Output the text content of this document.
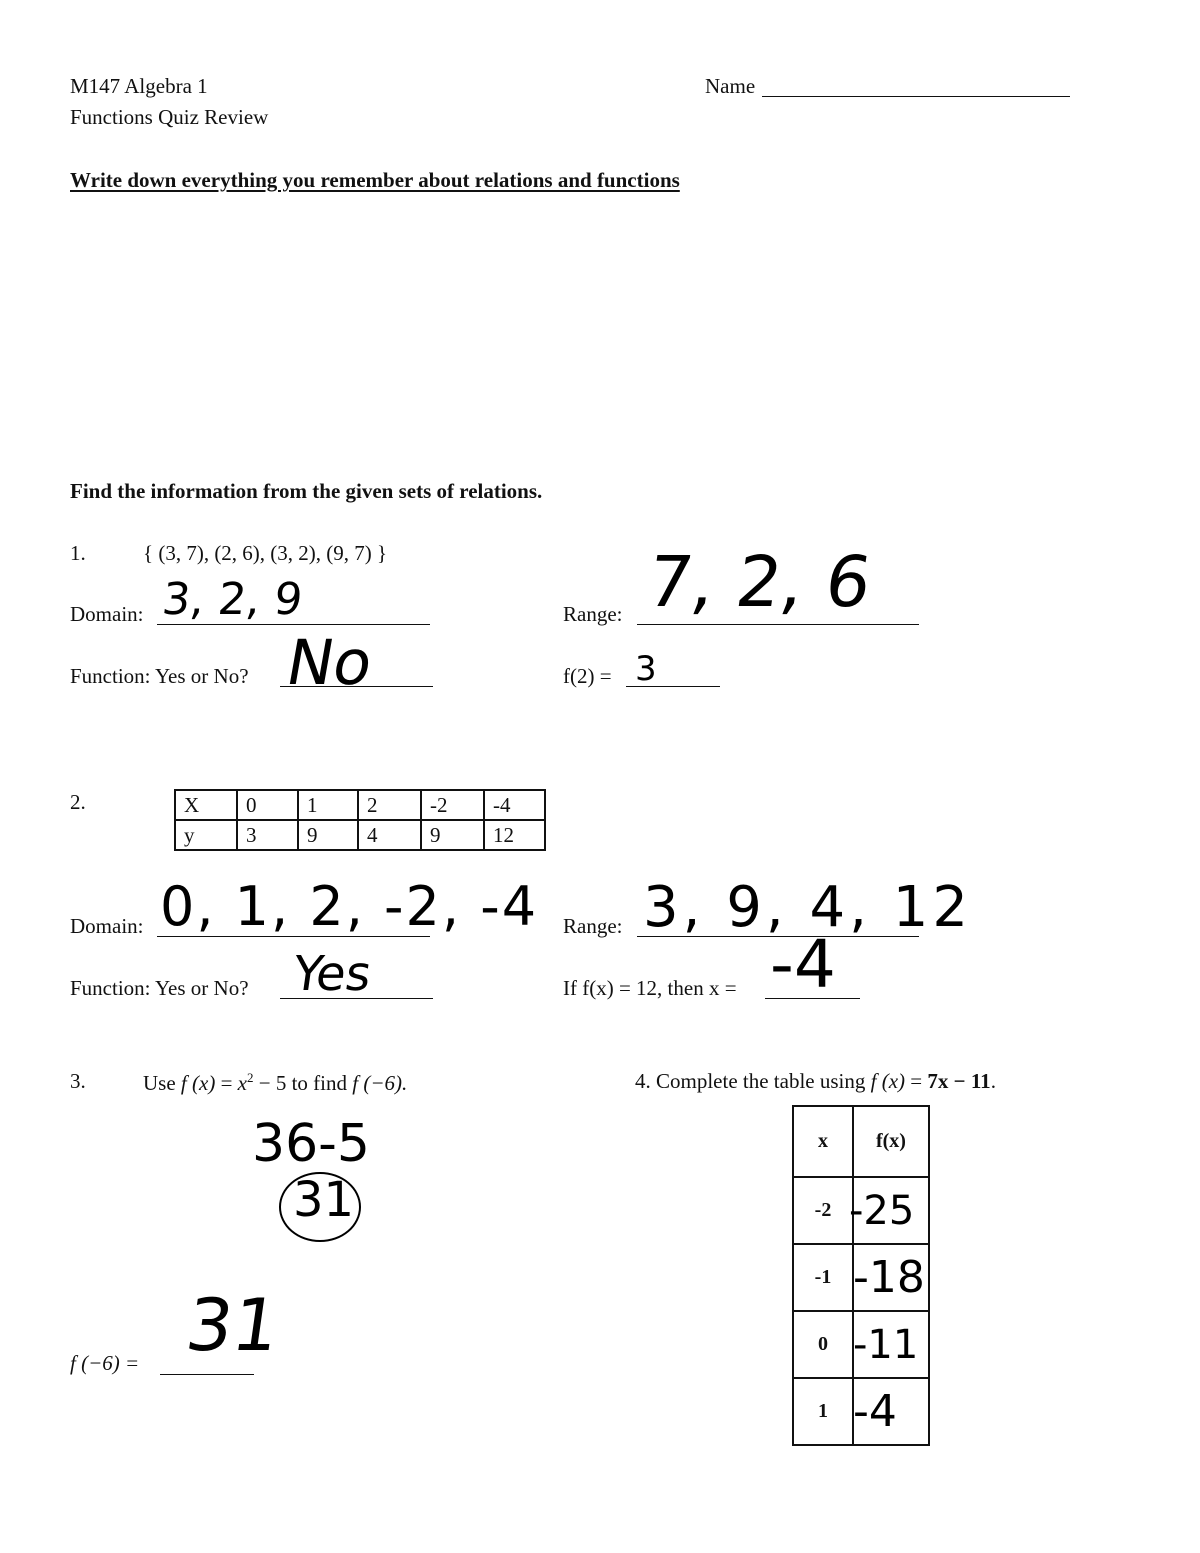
M147 Algebra 1
Functions Quiz Review
Name
Write down everything you remember about relations and functions
Find the information from the given sets of relations.
1.	{ (3, 7), (2, 6), (3, 2), (9, 7) }
Domain: 3, 2, 9	Range: 7, 2, 6
Function: Yes or No? No	f(2) = 3
2.	X	0	1	2	-2	-4
y	3	9	4	9	12
Domain: 0, 1, 2, -2, -4 Range: 3, 9, 4, 12
Function: Yes or No? Yes	If f(x) = 12, then x = -4
3.	Use f $(x) = x^2 - 5$ to find f (−6).
36-5
31
f (−6) = 31
4. Complete the table using f (x) = 7x − 11.
x	f(x)
-2	-25
-1	-18
0	-11
1	-4
